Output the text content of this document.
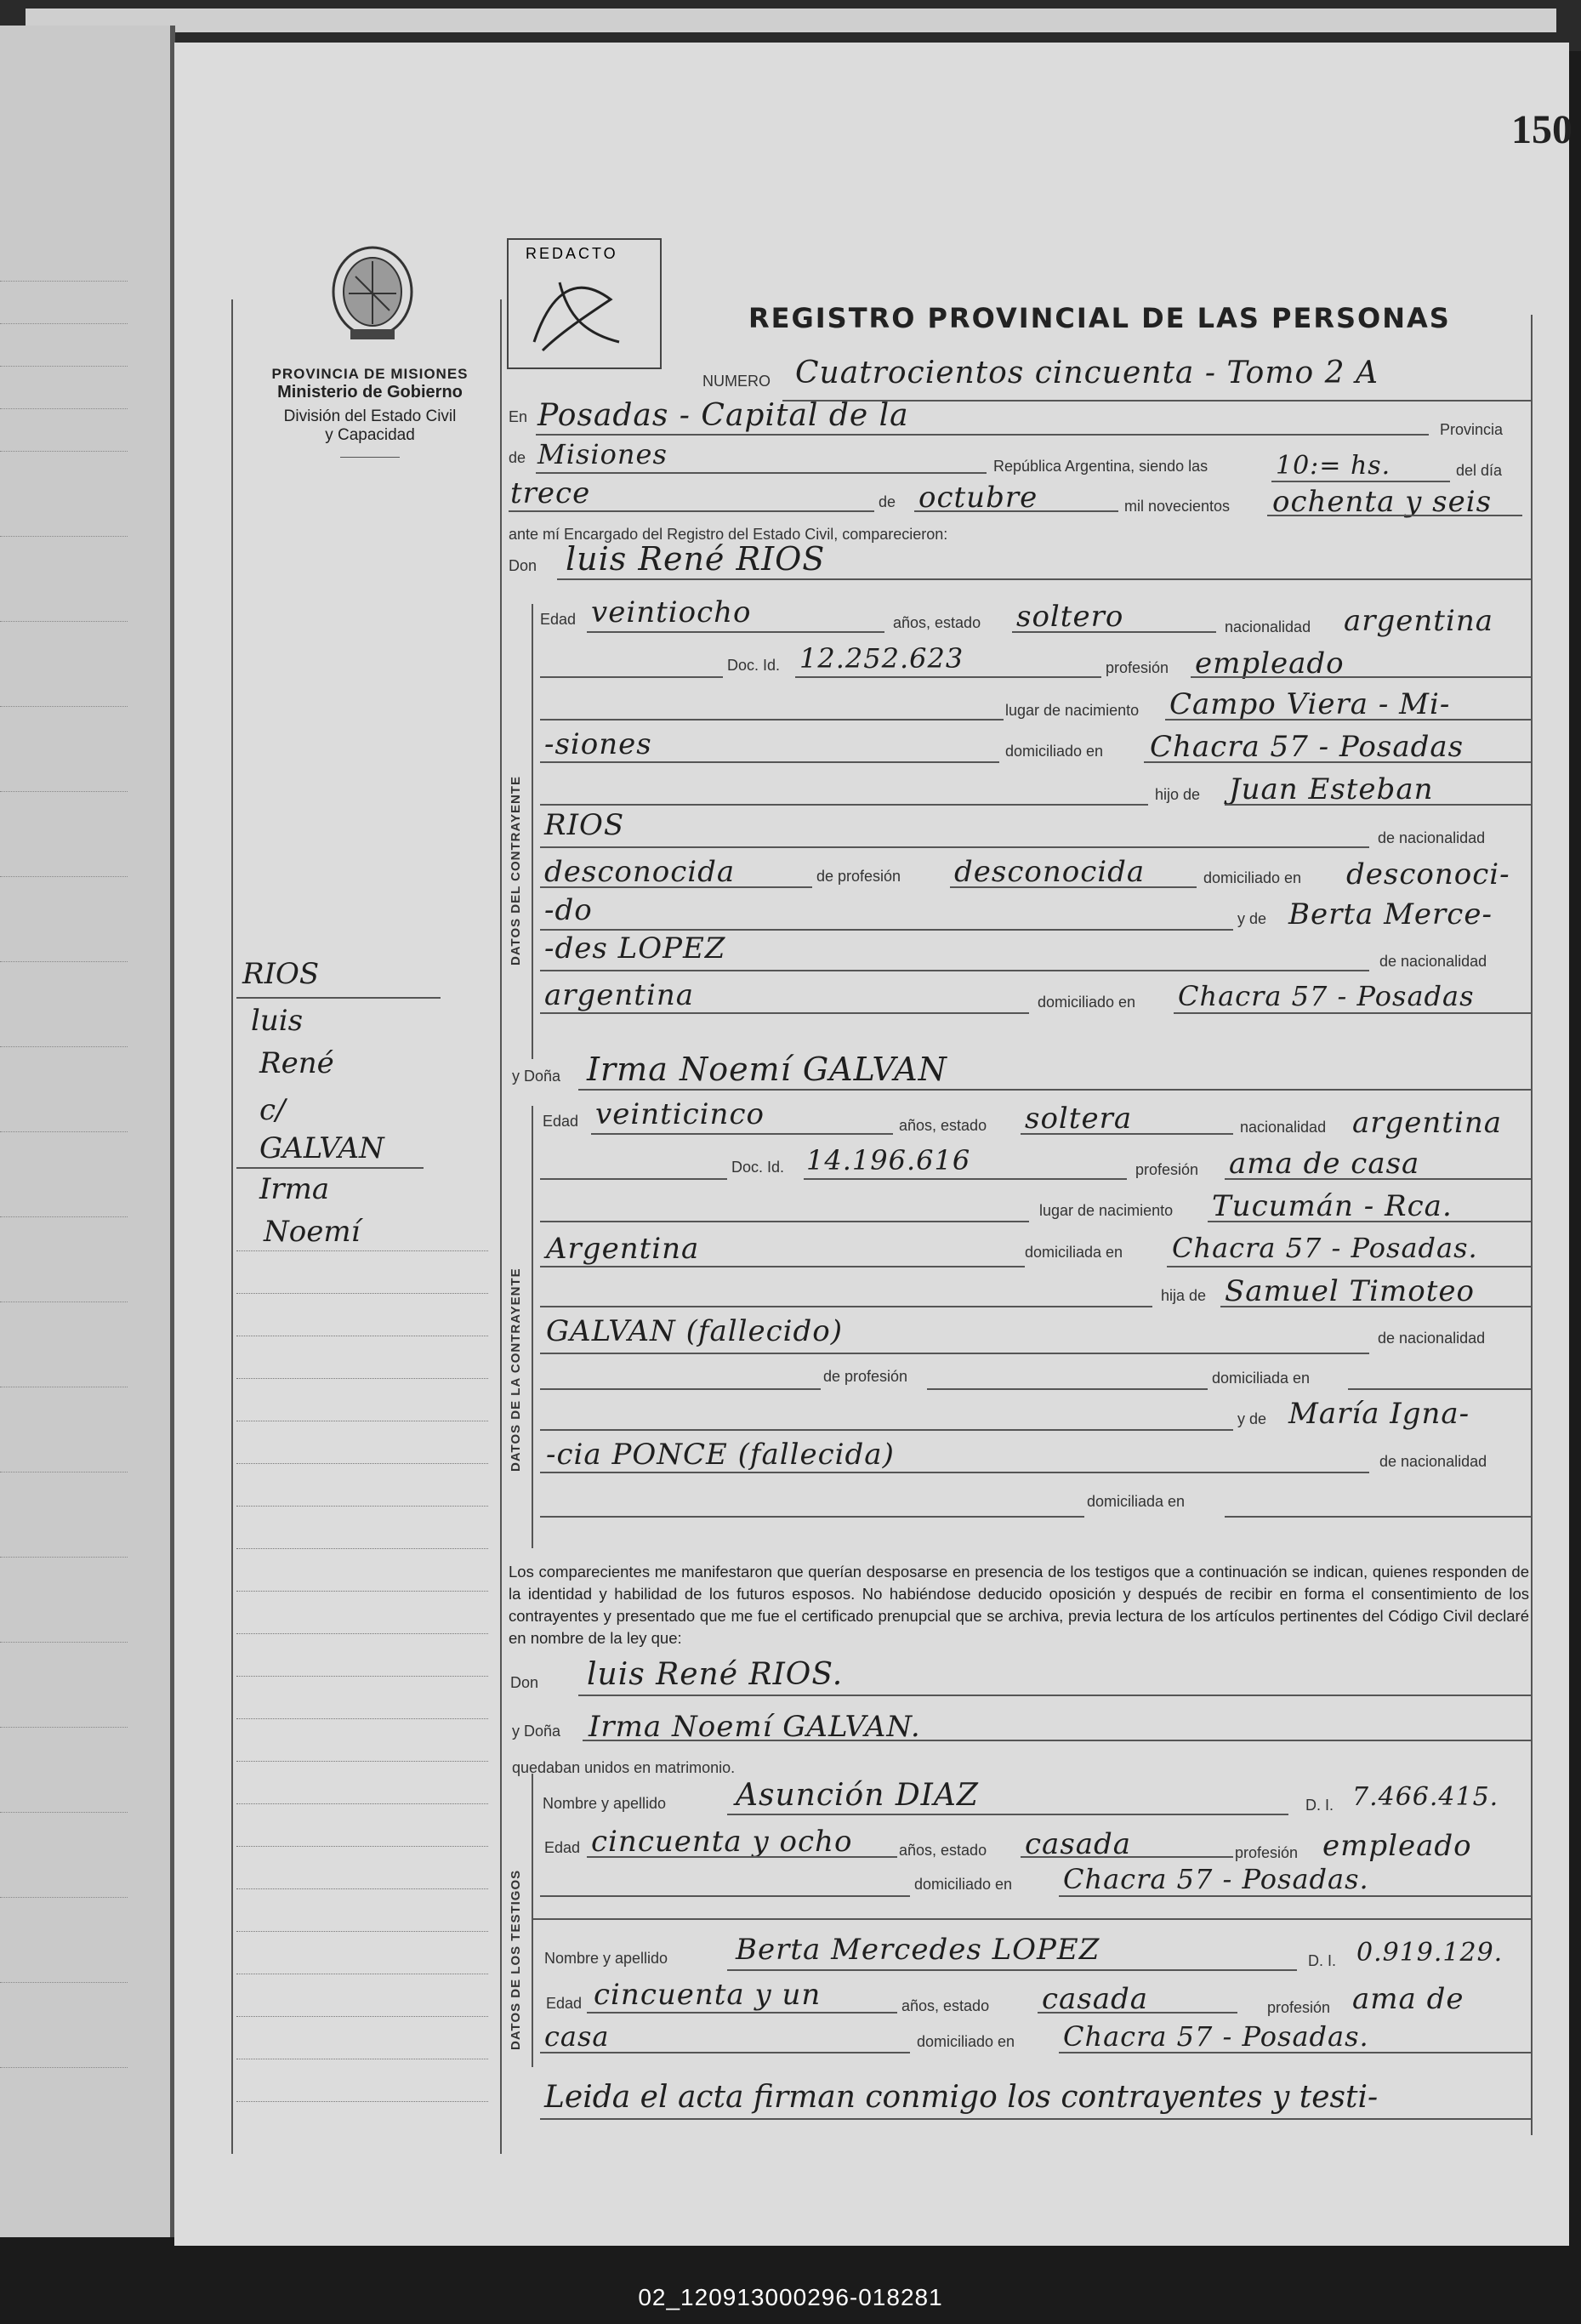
150
REDACTO
PROVINCIA DE MISIONES
Ministerio de Gobierno
División del Estado Civil
y Capacidad
REGISTRO PROVINCIAL DE LAS PERSONAS
RIOS
luis
René
c/
GALVAN
Irma
Noemí
NUMERO Cuatrocientos cincuenta - Tomo 2 A
En Posadas - Capital de la	Provincia
de Misiones	República Argentina, siendo las	10:= hs.	del día
trece	de octubre	mil novecientos ochenta y seis
ante mí Encargado del Registro del Estado Civil, comparecieron:
Don luis René RIOS
DATOS DEL CONTRAYENTE
Edad veintiocho	años, estado soltero	nacionalidad argentina
Doc. Id. 12.252.623	profesión empleado
lugar de nacimiento Campo Viera - Mi-
-siones	domiciliado en Chacra 57 - Posadas
hijo de Juan Esteban
RIOS	de nacionalidad
desconocida	de profesión desconocida	domiciliado en desconoci-
-do	y de Berta Merce-
-des LOPEZ	de nacionalidad
argentina	domiciliado en Chacra 57 - Posadas
y Doña Irma Noemí GALVAN
DATOS DE LA CONTRAYENTE
Edad veinticinco	años, estado soltera	nacionalidad argentina
Doc. Id. 14.196.616	profesión ama de casa
lugar de nacimiento Tucumán - Rca.
Argentina	domiciliada en Chacra 57 - Posadas.
hija de Samuel Timoteo
GALVAN (fallecido)	de nacionalidad
de profesión	domiciliada en
y de María Igna-
-cia PONCE (fallecida)	de nacionalidad
domiciliada en
Los comparecientes me manifestaron que querían desposarse en presencia de los testigos que a continuación se indican, quienes responden de la identidad y habilidad de los futuros esposos. No habiéndose deducido oposición y después de recibir en forma el consentimiento de los contrayentes y presentado que me fue el certificado prenupcial que se archiva, previa lectura de los artículos pertinentes del Código Civil declaré en nombre de la ley que:
Don luis René RIOS.
y Doña Irma Noemí GALVAN.
quedaban unidos en matrimonio.
DATOS DE LOS TESTIGOS
Nombre y apellido Asunción DIAZ	D. I. 7.466.415.
Edad cincuenta y ocho	años, estado casada	profesión empleado
domiciliado en Chacra 57 - Posadas.
Nombre y apellido Berta Mercedes LOPEZ	D. I. 0.919.129.
Edad cincuenta y un	años, estado casada	profesión ama de
casa	domiciliado en Chacra 57 - Posadas.
Leida el acta firman conmigo los contrayentes y testi-
02_120913000296-018281
